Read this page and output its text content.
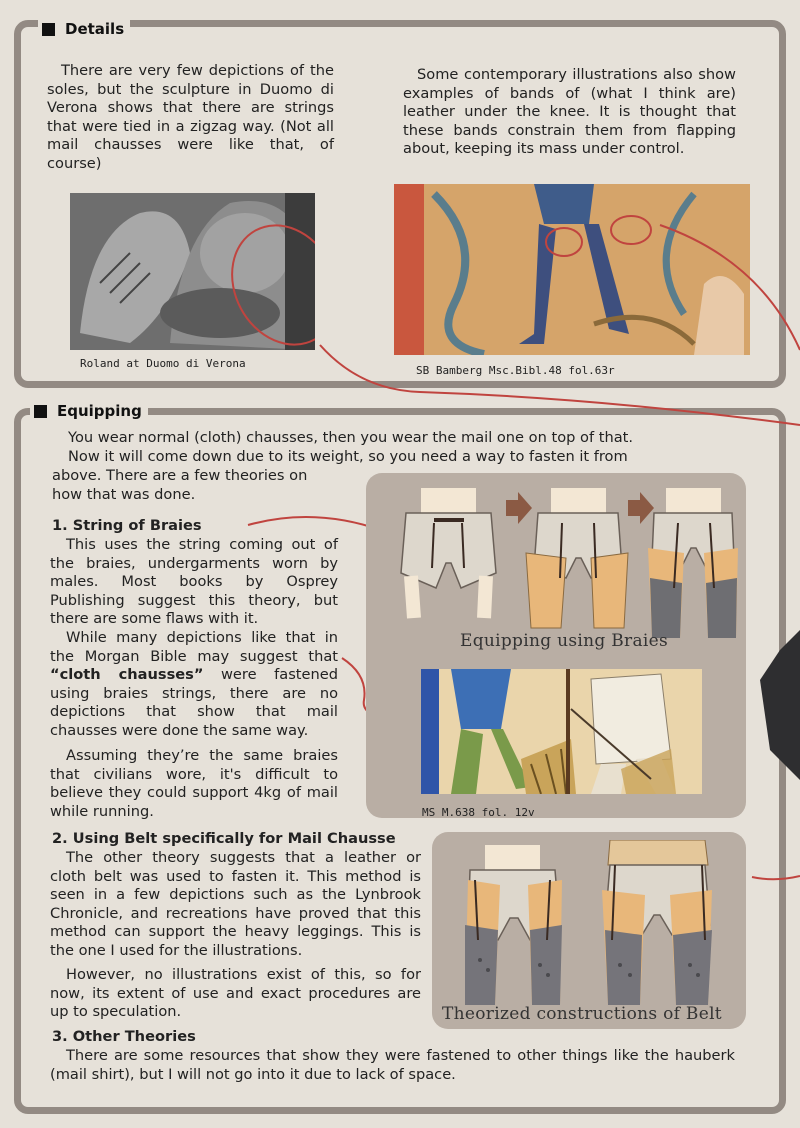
Details

There are very few depictions of the soles, but the sculpture in Duomo di Verona shows that there are strings that were tied in a zigzag way. (Not all mail chausses were like that, of course)

Some contemporary illustrations also show examples of bands of (what I think are) leather under the knee. It is thought that these bands constrain them from flapping about, keeping its mass under control.

Roland at Duomo di Verona

SB Bamberg Msc.Bibl.48 fol.63r

Equipping

You wear normal (cloth) chausses, then you wear the mail one on top of that.

Now it will come down due to its weight, so you need a way to fasten it from

above. There are a few theories on

how that was done.

1. String of Braies

This uses the string coming out of the braies, undergarments worn by males. Most books by Osprey Publishing suggest this theory, but there are some flaws with it.

While many depictions like that in the Morgan Bible may suggest that “cloth chausses” were fastened using braies strings, there are no depictions that show that mail chausses were done the same way.

Assuming they’re the same braies that civilians wore, it's difficult to believe they could support 4kg of mail while running.

Equipping using Braies

MS M.638 fol. 12v

2. Using Belt specifically for Mail Chausse

The other theory suggests that a leather or cloth belt was used to fasten it. This method is seen in a few depictions such as the Lynbrook Chronicle, and recreations have proved that this method can support the heavy leggings. This is the one I used for the illustrations.

However, no illustrations exist of this, so for now, its extent of use and exact procedures are up to speculation.	Theorized constructions of Belt

3. Other Theories

There are some resources that show they were fastened to other things like the hauberk (mail shirt), but I will not go into it due to lack of space.
